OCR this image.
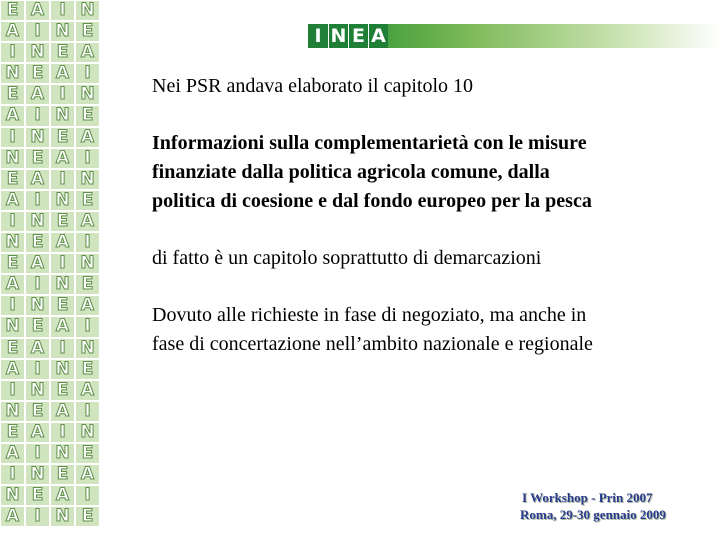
E A I N
A I N E
I N E A
N E A I
E A I N
A I N E
I N E A
N E A I
E A I N
A I N E
I N E A
N E A I
E A I N
A I N E
I N E A
N E A I
E A I N
A I N E
I N E A
N E A I
E A I N
A I N E
I N E A
N E A I
A I N E
I N E A

Nei PSR andava elaborato il capitolo 10

Informazioni sulla complementarietà con le misure finanziate dalla politica agricola comune, dalla politica di coesione e dal fondo europeo per la pesca

di fatto è un capitolo soprattutto di demarcazioni

Dovuto alle richieste in fase di negoziato, ma anche in fase di concertazione nell’ambito nazionale e regionale

I Workshop - Prin 2007
Roma, 29-30 gennaio 2009
